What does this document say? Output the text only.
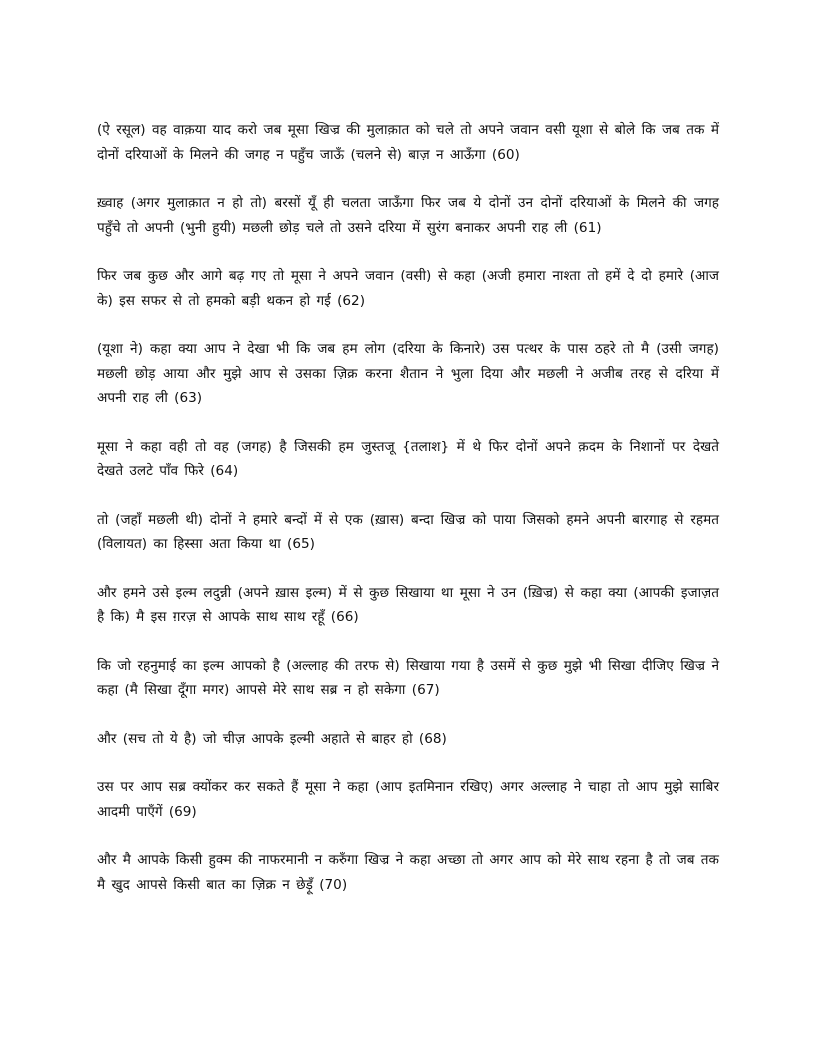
(ऐ रसूल) वह वाक़या याद करो जब मूसा खिज्र की मुलाक़ात को चले तो अपने जवान वसी यूशा से बोले कि जब तक में दोनों दरियाओं के मिलने की जगह न पहुँच जाऊँ (चलने से) बाज़ न आऊँगा (60)

ख़्वाह (अगर मुलाक़ात न हो तो) बरसों यूँ ही चलता जाऊँगा फिर जब ये दोनों उन दोनों दरियाओं के मिलने की जगह पहुँचे तो अपनी (भुनी हुयी) मछली छोड़ चले तो उसने दरिया में सुरंग बनाकर अपनी राह ली (61)

फिर जब कुछ और आगे बढ़ गए तो मूसा ने अपने जवान (वसी) से कहा (अजी हमारा नाश्ता तो हमें दे दो हमारे (आज के) इस सफर से तो हमको बड़ी थकन हो गई (62)

(यूशा ने) कहा क्या आप ने देखा भी कि जब हम लोग (दरिया के किनारे) उस पत्थर के पास ठहरे तो मै (उसी जगह) मछली छोड़ आया और मुझे आप से उसका ज़िक्र करना शैतान ने भुला दिया और मछली ने अजीब तरह से दरिया में अपनी राह ली (63)

मूसा ने कहा वही तो वह (जगह) है जिसकी हम जुस्तजू {तलाश} में थे फिर दोनों अपने क़दम के निशानों पर देखते देखते उलटे पाँव फिरे (64)

तो (जहाँ मछली थी) दोनों ने हमारे बन्दों में से एक (ख़ास) बन्दा खिज्र को पाया जिसको हमने अपनी बारगाह से रहमत (विलायत) का हिस्सा अता किया था (65)

और हमने उसे इल्म लदुन्नी (अपने ख़ास इल्म) में से कुछ सिखाया था मूसा ने उन (ख़िज्र) से कहा क्या (आपकी इजाज़त है कि) मै इस ग़रज़ से आपके साथ साथ रहूँ (66)

कि जो रहनुमाई का इल्म आपको है (अल्लाह की तरफ से) सिखाया गया है उसमें से कुछ मुझे भी सिखा दीजिए खिज्र ने कहा (मै सिखा दूँगा मगर) आपसे मेरे साथ सब्र न हो सकेगा (67)

और (सच तो ये है) जो चीज़ आपके इल्मी अहाते से बाहर हो (68)

उस पर आप सब्र क्योंकर कर सकते हैं मूसा ने कहा (आप इतमिनान रखिए) अगर अल्लाह ने चाहा तो आप मुझे साबिर आदमी पाएँगें (69)

और मै आपके किसी हुक्म की नाफरमानी न करुँगा खिज्र ने कहा अच्छा तो अगर आप को मेरे साथ रहना है तो जब तक मै खुद आपसे किसी बात का ज़िक्र न छेड़ूँ (70)
